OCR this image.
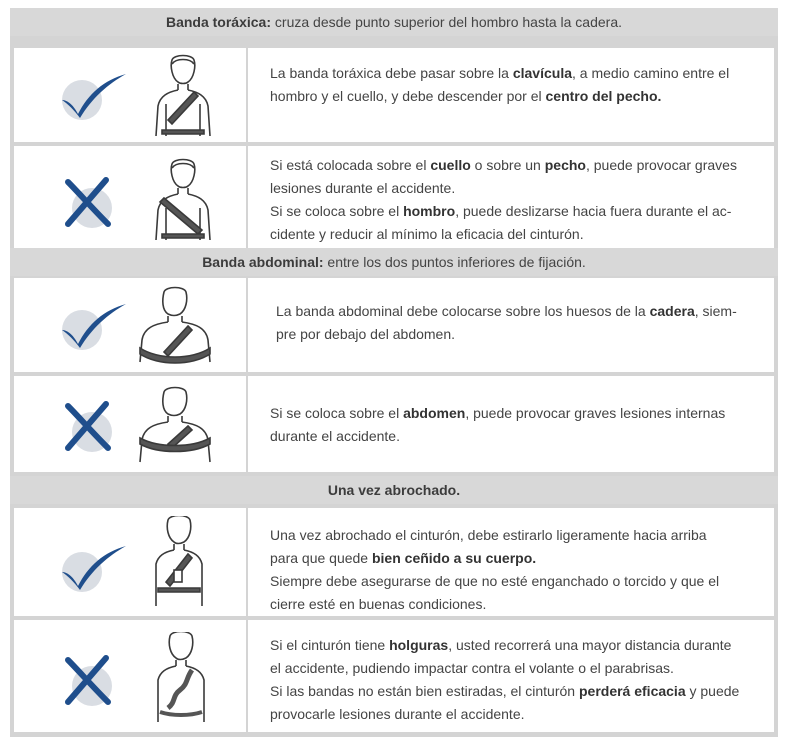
Banda toráxica: cruza desde punto superior del hombro hasta la cadera.
La banda toráxica debe pasar sobre la clavícula, a medio camino entre el
hombro y el cuello, y debe descender por el centro del pecho.
Si está colocada sobre el cuello o sobre un pecho, puede provocar graves
lesiones durante el accidente.
Si se coloca sobre el hombro, puede deslizarse hacia fuera durante el ac-
cidente y reducir al mínimo la eficacia del cinturón.
Banda abdominal: entre los dos puntos inferiores de fijación.
La banda abdominal debe colocarse sobre los huesos de la cadera, siem-
pre por debajo del abdomen.
Si se coloca sobre el abdomen, puede provocar graves lesiones internas
durante el accidente.
Una vez abrochado.
Una vez abrochado el cinturón, debe estirarlo ligeramente hacia arriba
para que quede bien ceñido a su cuerpo.
Siempre debe asegurarse de que no esté enganchado o torcido y que el
cierre esté en buenas condiciones.
Si el cinturón tiene holguras, usted recorrerá una mayor distancia durante
el accidente, pudiendo impactar contra el volante o el parabrisas.
Si las bandas no están bien estiradas, el cinturón perderá eficacia y puede
provocarle lesiones durante el accidente.
